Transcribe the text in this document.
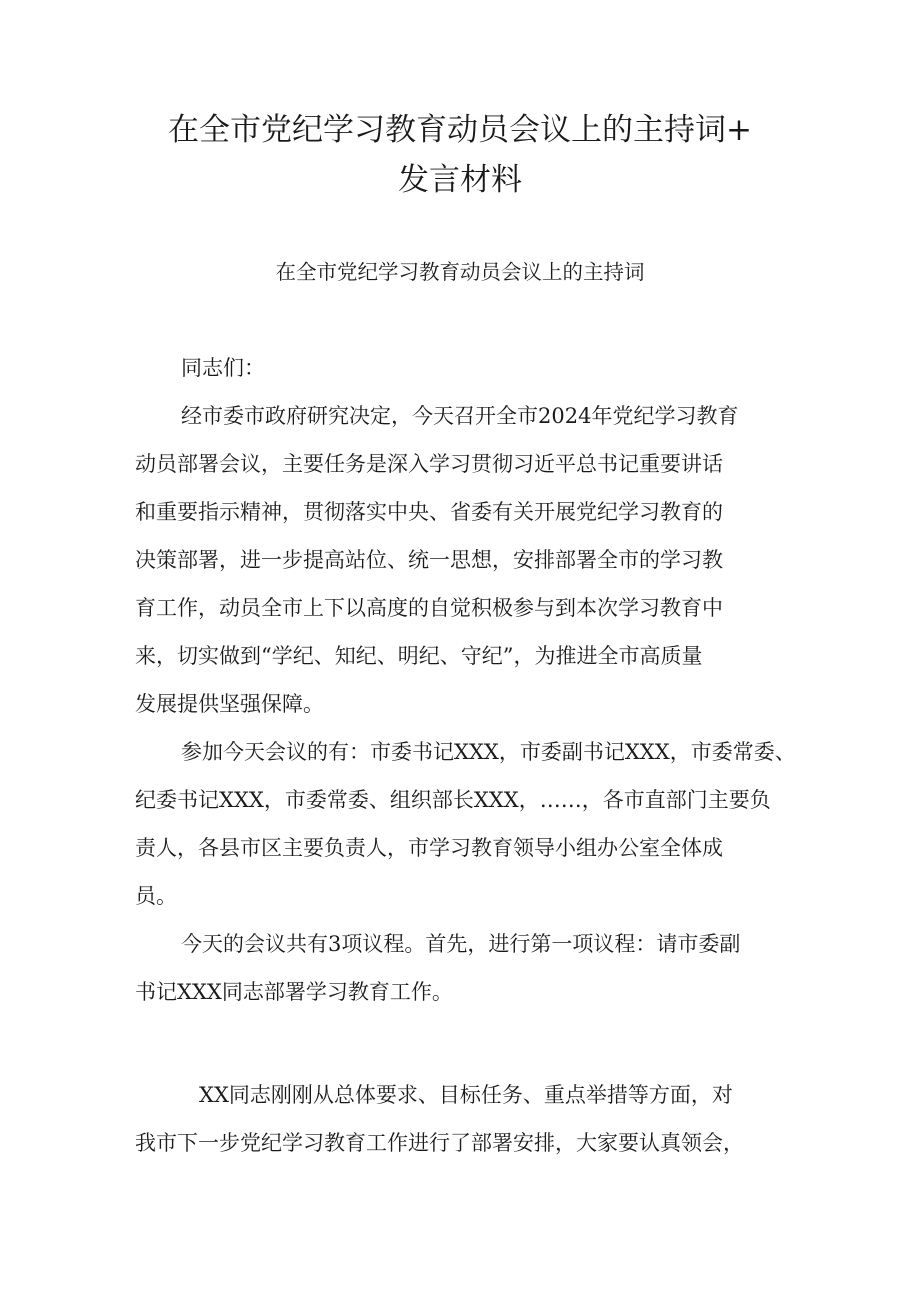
在全市党纪学习教育动员会议上的主持词+
发言材料
在全市党纪学习教育动员会议上的主持词
同志们：
经市委市政府研究决定，今天召开全市2024年党纪学习教育
动员部署会议，主要任务是深入学习贯彻习近平总书记重要讲话
和重要指示精神，贯彻落实中央、省委有关开展党纪学习教育的
决策部署，进一步提高站位、统一思想，安排部署全市的学习教
育工作，动员全市上下以高度的自觉积极参与到本次学习教育中
来，切实做到“学纪、知纪、明纪、守纪”，为推进全市高质量
发展提供坚强保障。
参加今天会议的有：市委书记XXX，市委副书记XXX，市委常委、
纪委书记XXX，市委常委、组织部长XXX，……，各市直部门主要负
责人，各县市区主要负责人，市学习教育领导小组办公室全体成
员。
今天的会议共有3项议程。首先，进行第一项议程：请市委副
书记XXX同志部署学习教育工作。
XX同志刚刚从总体要求、目标任务、重点举措等方面，对
我市下一步党纪学习教育工作进行了部署安排，大家要认真领会，
